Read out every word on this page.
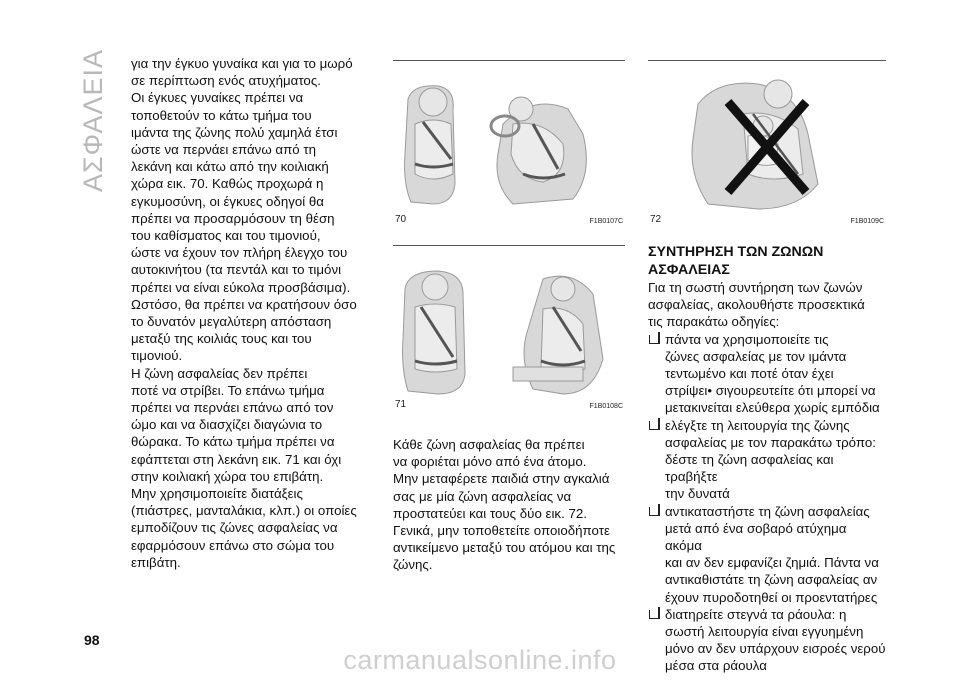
ΑΣΦΑΛΕΙΑ για την έγκυο γυναίκα και για το μωρό
σε περίπτωση ενός ατυχήματος.
Οι έγκυες γυναίκες πρέπει να
τοποθετούν το κάτω τμήμα του
ιμάντα της ζώνης πολύ χαμηλά έτσι
ώστε να περνάει επάνω από τη
λεκάνη και κάτω από την κοιλιακή
χώρα εικ. 70. Καθώς προχωρά η
εγκυμοσύνη, οι έγκυες οδηγοί θα
πρέπει να προσαρμόσουν τη θέση
του καθίσματος και του τιμονιού,
ώστε να έχουν τον πλήρη έλεγχο του
αυτοκινήτου (τα πεντάλ και το τιμόνι
πρέπει να είναι εύκολα προσβάσιμα).
Ωστόσο, θα πρέπει να κρατήσουν όσο
το δυνατόν μεγαλύτερη απόσταση
μεταξύ της κοιλιάς τους και του
τιμονιού.
Η ζώνη ασφαλείας δεν πρέπει
ποτέ να στρίβει. Το επάνω τμήμα
πρέπει να περνάει επάνω από τον
ώμο και να διασχίζει διαγώνια το
θώρακα. Το κάτω τμήμα πρέπει να
εφάπτεται στη λεκάνη εικ. 71 και όχι
στην κοιλιακή χώρα του επιβάτη.
Μην χρησιμοποιείτε διατάξεις
(πιάστρες, μανταλάκια, κλπ.) οι οποίες
εμποδίζουν τις ζώνες ασφαλείας να
εφαρμόσουν επάνω στο σώμα του
επιβάτη.

70	F1B0107C
71	F1B0108C

Κάθε ζώνη ασφαλείας θα πρέπει
να φοριέται μόνο από ένα άτομο.
Μην μεταφέρετε παιδιά στην αγκαλιά
σας με μία ζώνη ασφαλείας να
προστατεύει και τους δύο εικ. 72.
Γενικά, μην τοποθετείτε οποιοδήποτε
αντικείμενο μεταξύ του ατόμου και της
ζώνης.

72	F1B0109C

ΣΥΝΤΗΡΗΣΗ ΤΩΝ ΖΩΝΩΝ
ΑΣΦΑΛΕΙΑΣ

Για τη σωστή συντήρηση των ζωνών
ασφαλείας, ακολουθήστε προσεκτικά
τις παρακάτω οδηγίες:

πάντα να χρησιμοποιείτε τις
ζώνες ασφαλείας με τον ιμάντα
τεντωμένο και ποτέ όταν έχει
στρίψει• σιγουρευτείτε ότι μπορεί να
μετακινείται ελεύθερα χωρίς εμπόδια
ελέγξτε τη λειτουργία της ζώνης
ασφαλείας με τον παρακάτω τρόπο:
δέστε τη ζώνη ασφαλείας και τραβήξτε
την δυνατά
αντικαταστήστε τη ζώνη ασφαλείας
μετά από ένα σοβαρό ατύχημα ακόμα
και αν δεν εμφανίζει ζημιά. Πάντα να
αντικαθιστάτε τη ζώνη ασφαλείας αν
έχουν πυροδοτηθεί οι προεντατήρες
διατηρείτε στεγνά τα ράουλα: η
σωστή λειτουργία είναι εγγυημένη
μόνο αν δεν υπάρχουν εισροές νερού
μέσα στα ράουλα
98
carmanualsonline.info
